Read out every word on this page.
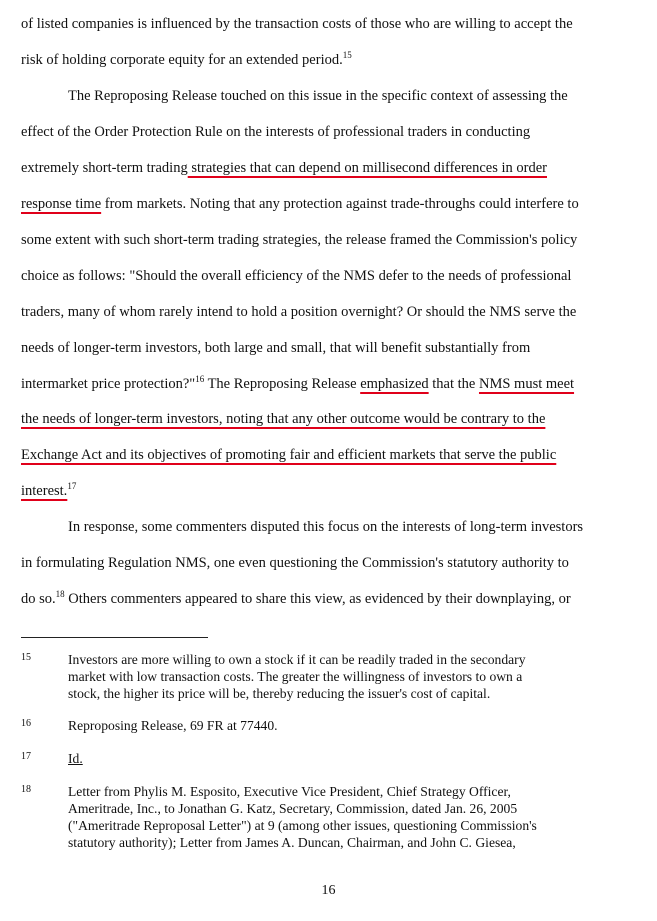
of listed companies is influenced by the transaction costs of those who are willing to accept the
risk of holding corporate equity for an extended period.$^{15}$
The Reproposing Release touched on this issue in the specific context of assessing the
effect of the Order Protection Rule on the interests of professional traders in conducting
extremely short-term trading strategies that can depend on millisecond differences in order
response time from markets. Noting that any protection against trade-throughs could interfere to
some extent with such short-term trading strategies, the release framed the Commission's policy
choice as follows: "Should the overall efficiency of the NMS defer to the needs of professional
traders, many of whom rarely intend to hold a position overnight? Or should the NMS serve the
needs of longer-term investors, both large and small, that will benefit substantially from
intermarket price protection?"$^{16}$ The Reproposing Release emphasized that the NMS must meet
the needs of longer-term investors, noting that any other outcome would be contrary to the
Exchange Act and its objectives of promoting fair and efficient markets that serve the public
interest.$^{17}$
In response, some commenters disputed this focus on the interests of long-term investors
in formulating Regulation NMS, one even questioning the Commission's statutory authority to
do so.$^{18}$ Others commenters appeared to share this view, as evidenced by their downplaying, or
15	Investors are more willing to own a stock if it can be readily traded in the secondary
market with low transaction costs. The greater the willingness of investors to own a
stock, the higher its price will be, thereby reducing the issuer's cost of capital.
16	Reproposing Release, 69 FR at 77440.
17	Id.
18	Letter from Phylis M. Esposito, Executive Vice President, Chief Strategy Officer,
Ameritrade, Inc., to Jonathan G. Katz, Secretary, Commission, dated Jan. 26, 2005
("Ameritrade Reproposal Letter") at 9 (among other issues, questioning Commission's
statutory authority); Letter from James A. Duncan, Chairman, and John C. Giesea,
16
